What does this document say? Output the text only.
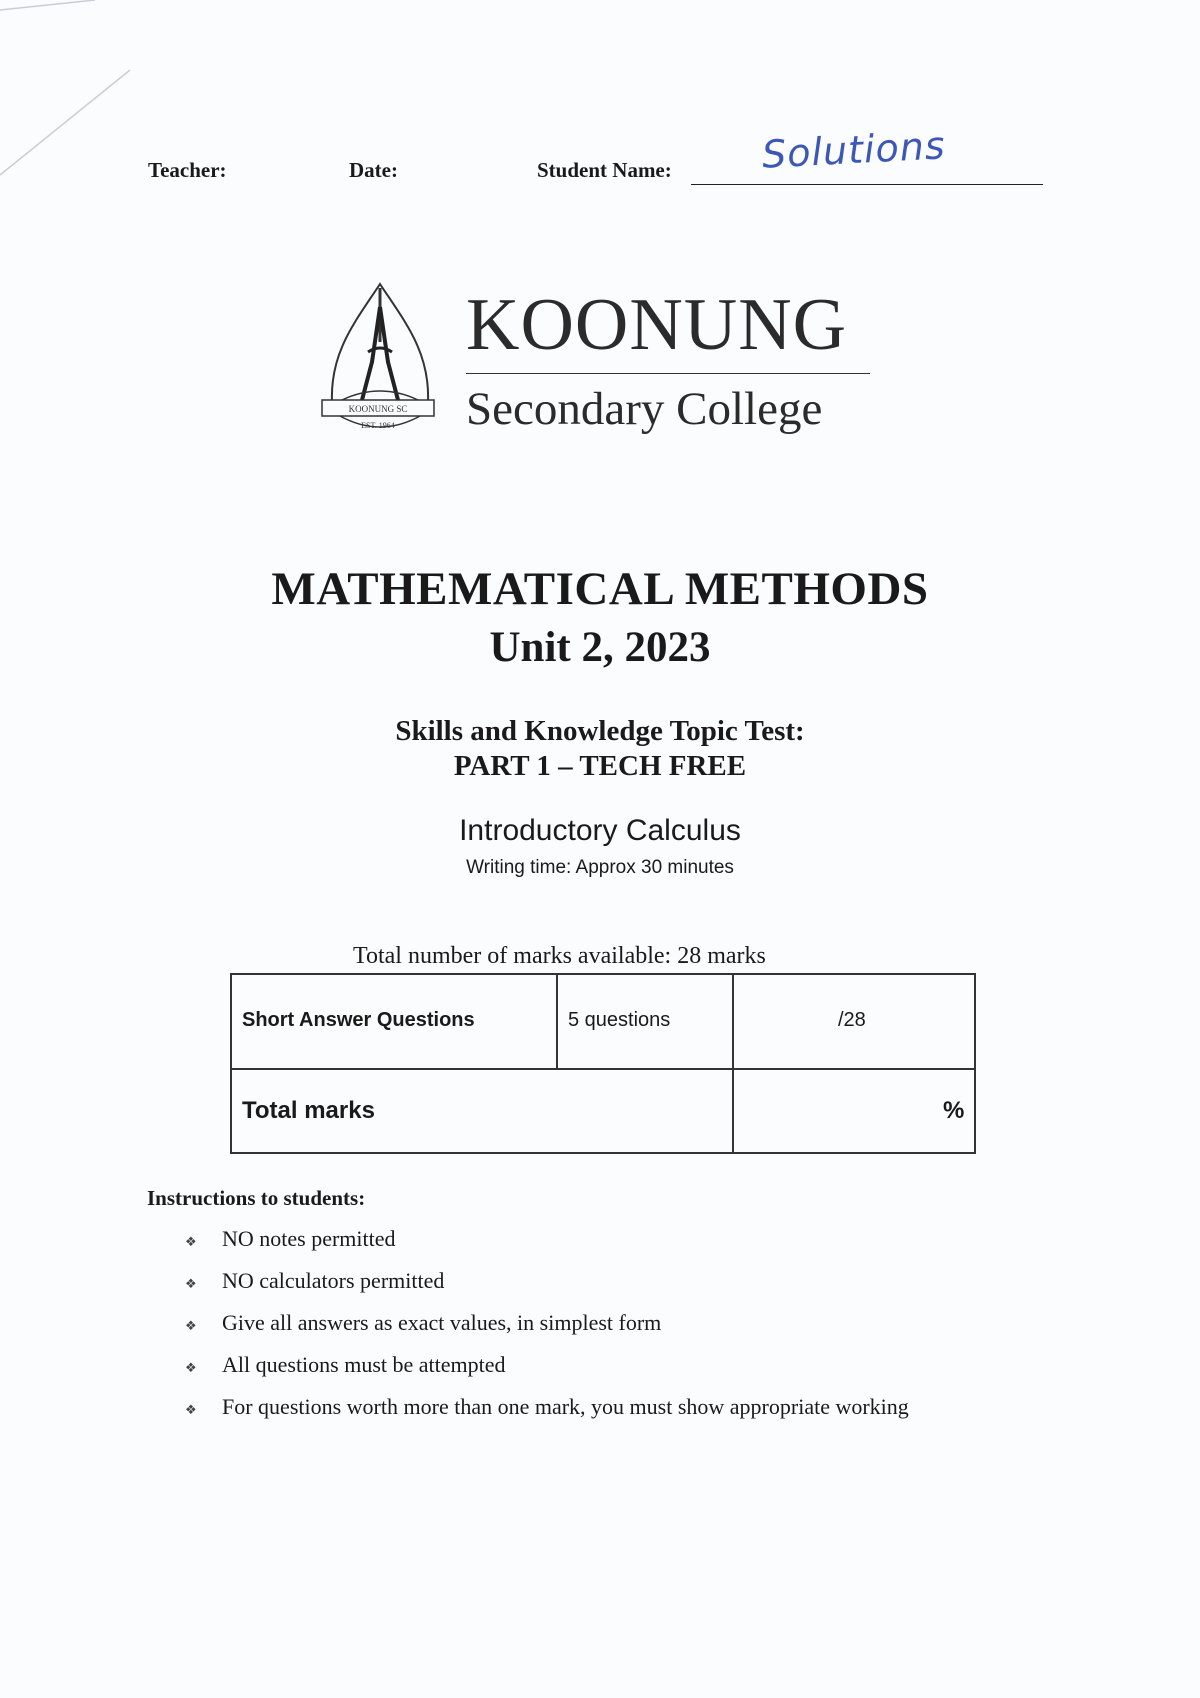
Teacher:	Date:	Student Name: Solutions
KOONUNG SC
EST. 1964
KOONUNG
Secondary College
MATHEMATICAL METHODS
Unit 2, 2023
Skills and Knowledge Topic Test:
PART 1 – TECH FREE
Introductory Calculus
Writing time: Approx 30 minutes
Total number of marks available: 28 marks
Short Answer Questions	5 questions	/28
Total marks	%
Instructions to students:
❖ NO notes permitted
❖ NO calculators permitted
❖ Give all answers as exact values, in simplest form
❖ All questions must be attempted
❖ For questions worth more than one mark, you must show appropriate working
